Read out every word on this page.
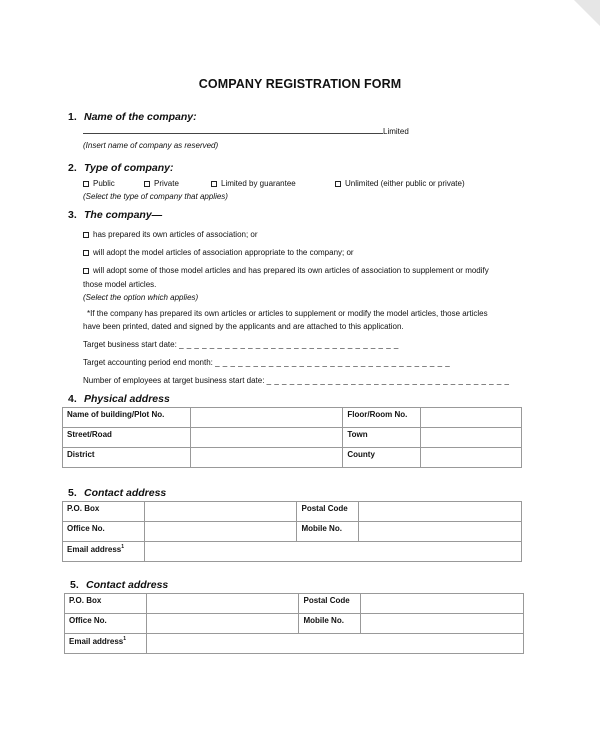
COMPANY REGISTRATION FORM
1. Name of the company:
Limited
(Insert name of company as reserved)
2. Type of company:
Public	Private	Limited by guarantee	Unlimited (either public or private)
(Select the type of company that applies)
3. The company—
has prepared its own articles of association; or
will adopt the model articles of association appropriate to the company; or
will adopt some of those model articles and has prepared its own articles of association to supplement or modify
those model articles.
(Select the option which applies)
*If the company has prepared its own articles or articles to supplement or modify the model articles, those articles
have been printed, dated and signed by the applicants and are attached to this application.
Target business start date: _ _ _ _ _ _ _ _ _ _ _ _ _ _ _ _ _ _ _ _ _ _ _ _ _ _ _ _ _
Target accounting period end month: _ _ _ _ _ _ _ _ _ _ _ _ _ _ _ _ _ _ _ _ _ _ _ _ _ _ _ _ _ _ _
Number of employees at target business start date: _ _ _ _ _ _ _ _ _ _ _ _ _ _ _ _ _ _ _ _ _ _ _ _ _ _ _ _ _ _ _ _
4. Physical address
Name of building/Plot No.		Floor/Room No.	
Street/Road		Town	
District		County	
5. Contact address
P.O. Box		Postal Code	
Office No.		Mobile No.	
Email address$^1$	
5. Contact address
P.O. Box		Postal Code	
Office No.		Mobile No.	
Email address$^1$	
